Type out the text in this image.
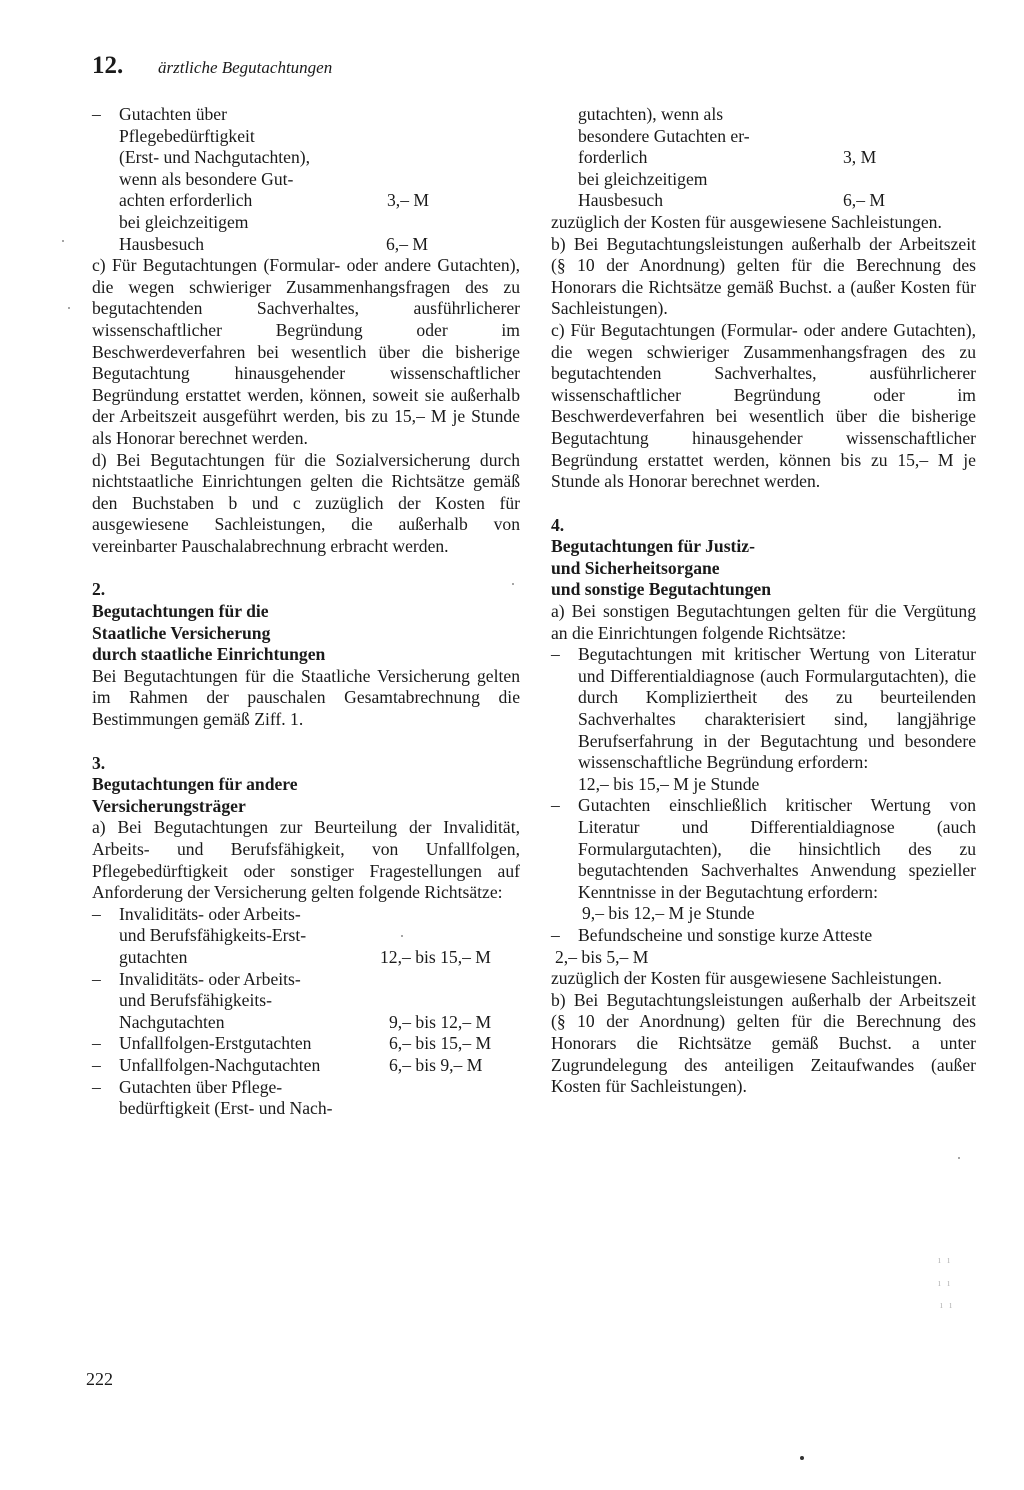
12. ärztliche Begutachtungen
– Gutachten über
Pflegebedürftigkeit
(Erst- und Nachgutachten),
wenn als besondere Gut-
achten erforderlich	3,– M
bei gleichzeitigem
Hausbesuch	6,– M
c) Für Begutachtungen (Formular- oder andere Gutachten), die wegen schwieriger Zusammenhangsfragen des zu begutachtenden Sachverhaltes, ausführlicherer wissenschaftlicher Begründung oder im Beschwerdeverfahren bei wesentlich über die bisherige Begutachtung hinausgehender wissenschaftlicher Begründung erstattet werden, können, soweit sie außerhalb der Arbeitszeit ausgeführt werden, bis zu 15,– M je Stunde als Honorar berechnet werden.
d) Bei Begutachtungen für die Sozialversicherung durch nichtstaatliche Einrichtungen gelten die Richtsätze gemäß den Buchstaben b und c zuzüglich der Kosten für ausgewiesene Sachleistungen, die außerhalb von vereinbarter Pauschalabrechnung erbracht werden.
2.
Begutachtungen für die
Staatliche Versicherung
durch staatliche Einrichtungen
Bei Begutachtungen für die Staatliche Versicherung gelten im Rahmen der pauschalen Gesamtabrechnung die Bestimmungen gemäß Ziff. 1.
3.
Begutachtungen für andere
Versicherungsträger
a) Bei Begutachtungen zur Beurteilung der Invalidität, Arbeits- und Berufsfähigkeit, von Unfallfolgen, Pflegebedürftigkeit oder sonstiger Fragestellungen auf Anforderung der Versicherung gelten folgende Richtsätze:
– Invaliditäts- oder Arbeits-
und Berufsfähigkeits-Erst-
gutachten	12,– bis 15,– M
– Invaliditäts- oder Arbeits-
und Berufsfähigkeits-
Nachgutachten	9,– bis 12,– M
– Unfallfolgen-Erstgutachten	6,– bis 15,– M
– Unfallfolgen-Nachgutachten	6,– bis 9,– M
– Gutachten über Pflege-
bedürftigkeit (Erst- und Nach-
gutachten), wenn als
besondere Gutachten er-
forderlich	3, M
bei gleichzeitigem
Hausbesuch	6,– M
zuzüglich der Kosten für ausgewiesene Sachleistungen.
b) Bei Begutachtungsleistungen außerhalb der Arbeitszeit (§ 10 der Anordnung) gelten für die Berechnung des Honorars die Richtsätze gemäß Buchst. a (außer Kosten für Sachleistungen).
c) Für Begutachtungen (Formular- oder andere Gutachten), die wegen schwieriger Zusammenhangsfragen des zu begutachtenden Sachverhaltes, ausführlicherer wissenschaftlicher Begründung oder im Beschwerdeverfahren bei wesentlich über die bisherige Begutachtung hinausgehender wissenschaftlicher Begründung erstattet werden, können bis zu 15,– M je Stunde als Honorar berechnet werden.
4.
Begutachtungen für Justiz-
und Sicherheitsorgane
und sonstige Begutachtungen
a) Bei sonstigen Begutachtungen gelten für die Vergütung an die Einrichtungen folgende Richtsätze:
– Begutachtungen mit kritischer Wertung von Literatur und Differentialdiagnose (auch Formulargutachten), die durch Kompliziertheit des zu beurteilenden Sachverhaltes charakterisiert sind, langjährige Berufserfahrung in der Begutachtung und besondere wissenschaftliche Begründung erfordern:
12,– bis 15,– M je Stunde
– Gutachten einschließlich kritischer Wertung von Literatur und Differentialdiagnose (auch Formulargutachten), die hinsichtlich des zu begutachtenden Sachverhaltes Anwendung spezieller Kenntnisse in der Begutachtung erfordern:
9,– bis 12,– M je Stunde
– Befundscheine und sonstige kurze Atteste
2,– bis 5,– M
zuzüglich der Kosten für ausgewiesene Sachleistungen.
b) Bei Begutachtungsleistungen außerhalb der Arbeitszeit (§ 10 der Anordnung) gelten für die Berechnung des Honorars die Richtsätze gemäß Buchst. a unter Zugrundelegung des anteiligen Zeitaufwandes (außer Kosten für Sachleistungen).
222
ı ı
ı ı
ı ı
